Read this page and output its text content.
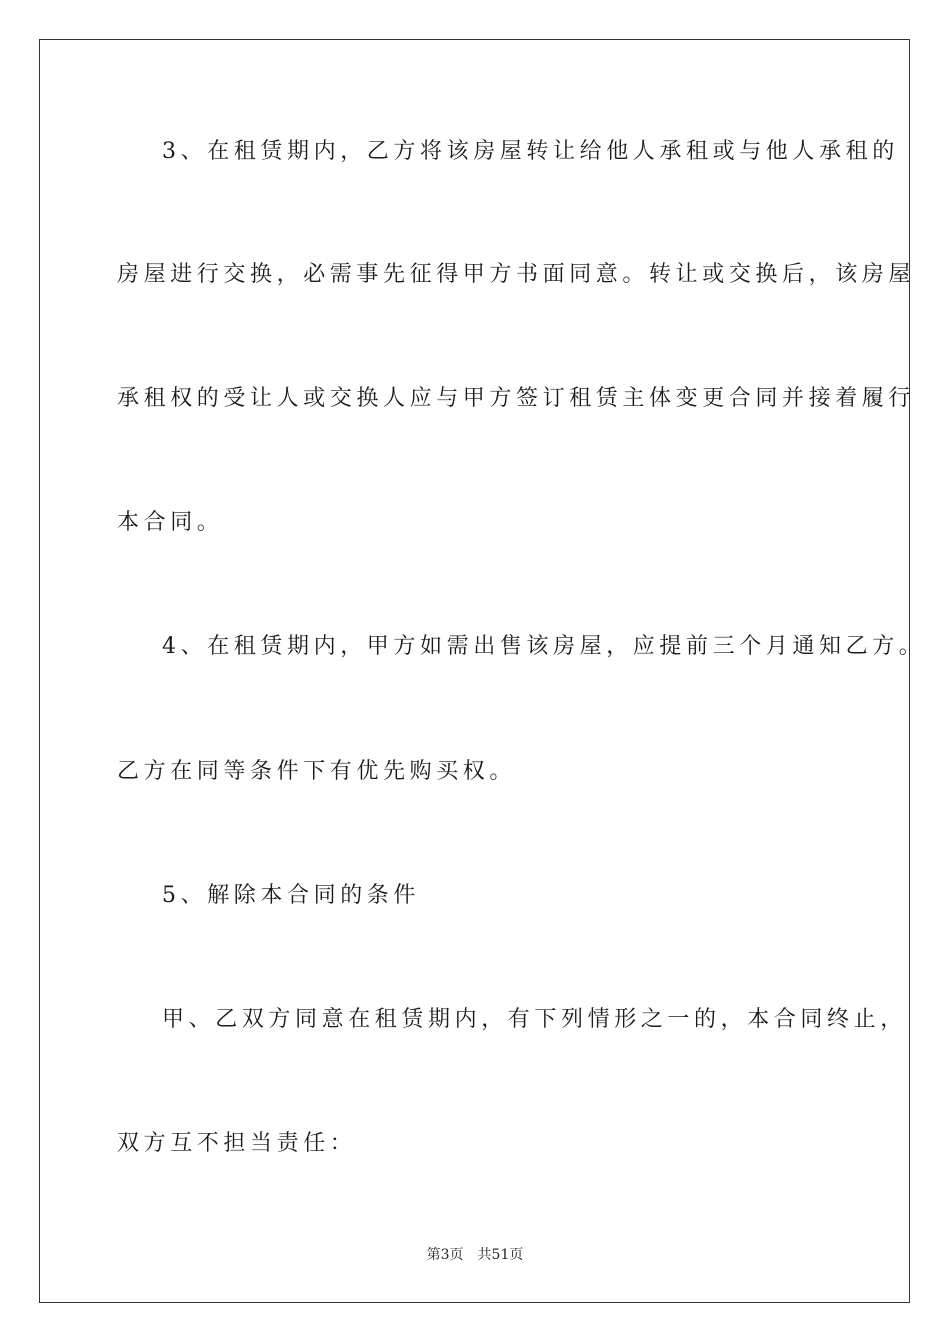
3、在租赁期内，乙方将该房屋转让给他人承租或与他人承租的
房屋进行交换，必需事先征得甲方书面同意。转让或交换后，该房屋
承租权的受让人或交换人应与甲方签订租赁主体变更合同并接着履行
本合同。
4、在租赁期内，甲方如需出售该房屋，应提前三个月通知乙方。
乙方在同等条件下有优先购买权。
5、解除本合同的条件
甲、乙双方同意在租赁期内，有下列情形之一的，本合同终止，
双方互不担当责任：
第3页 共51页
